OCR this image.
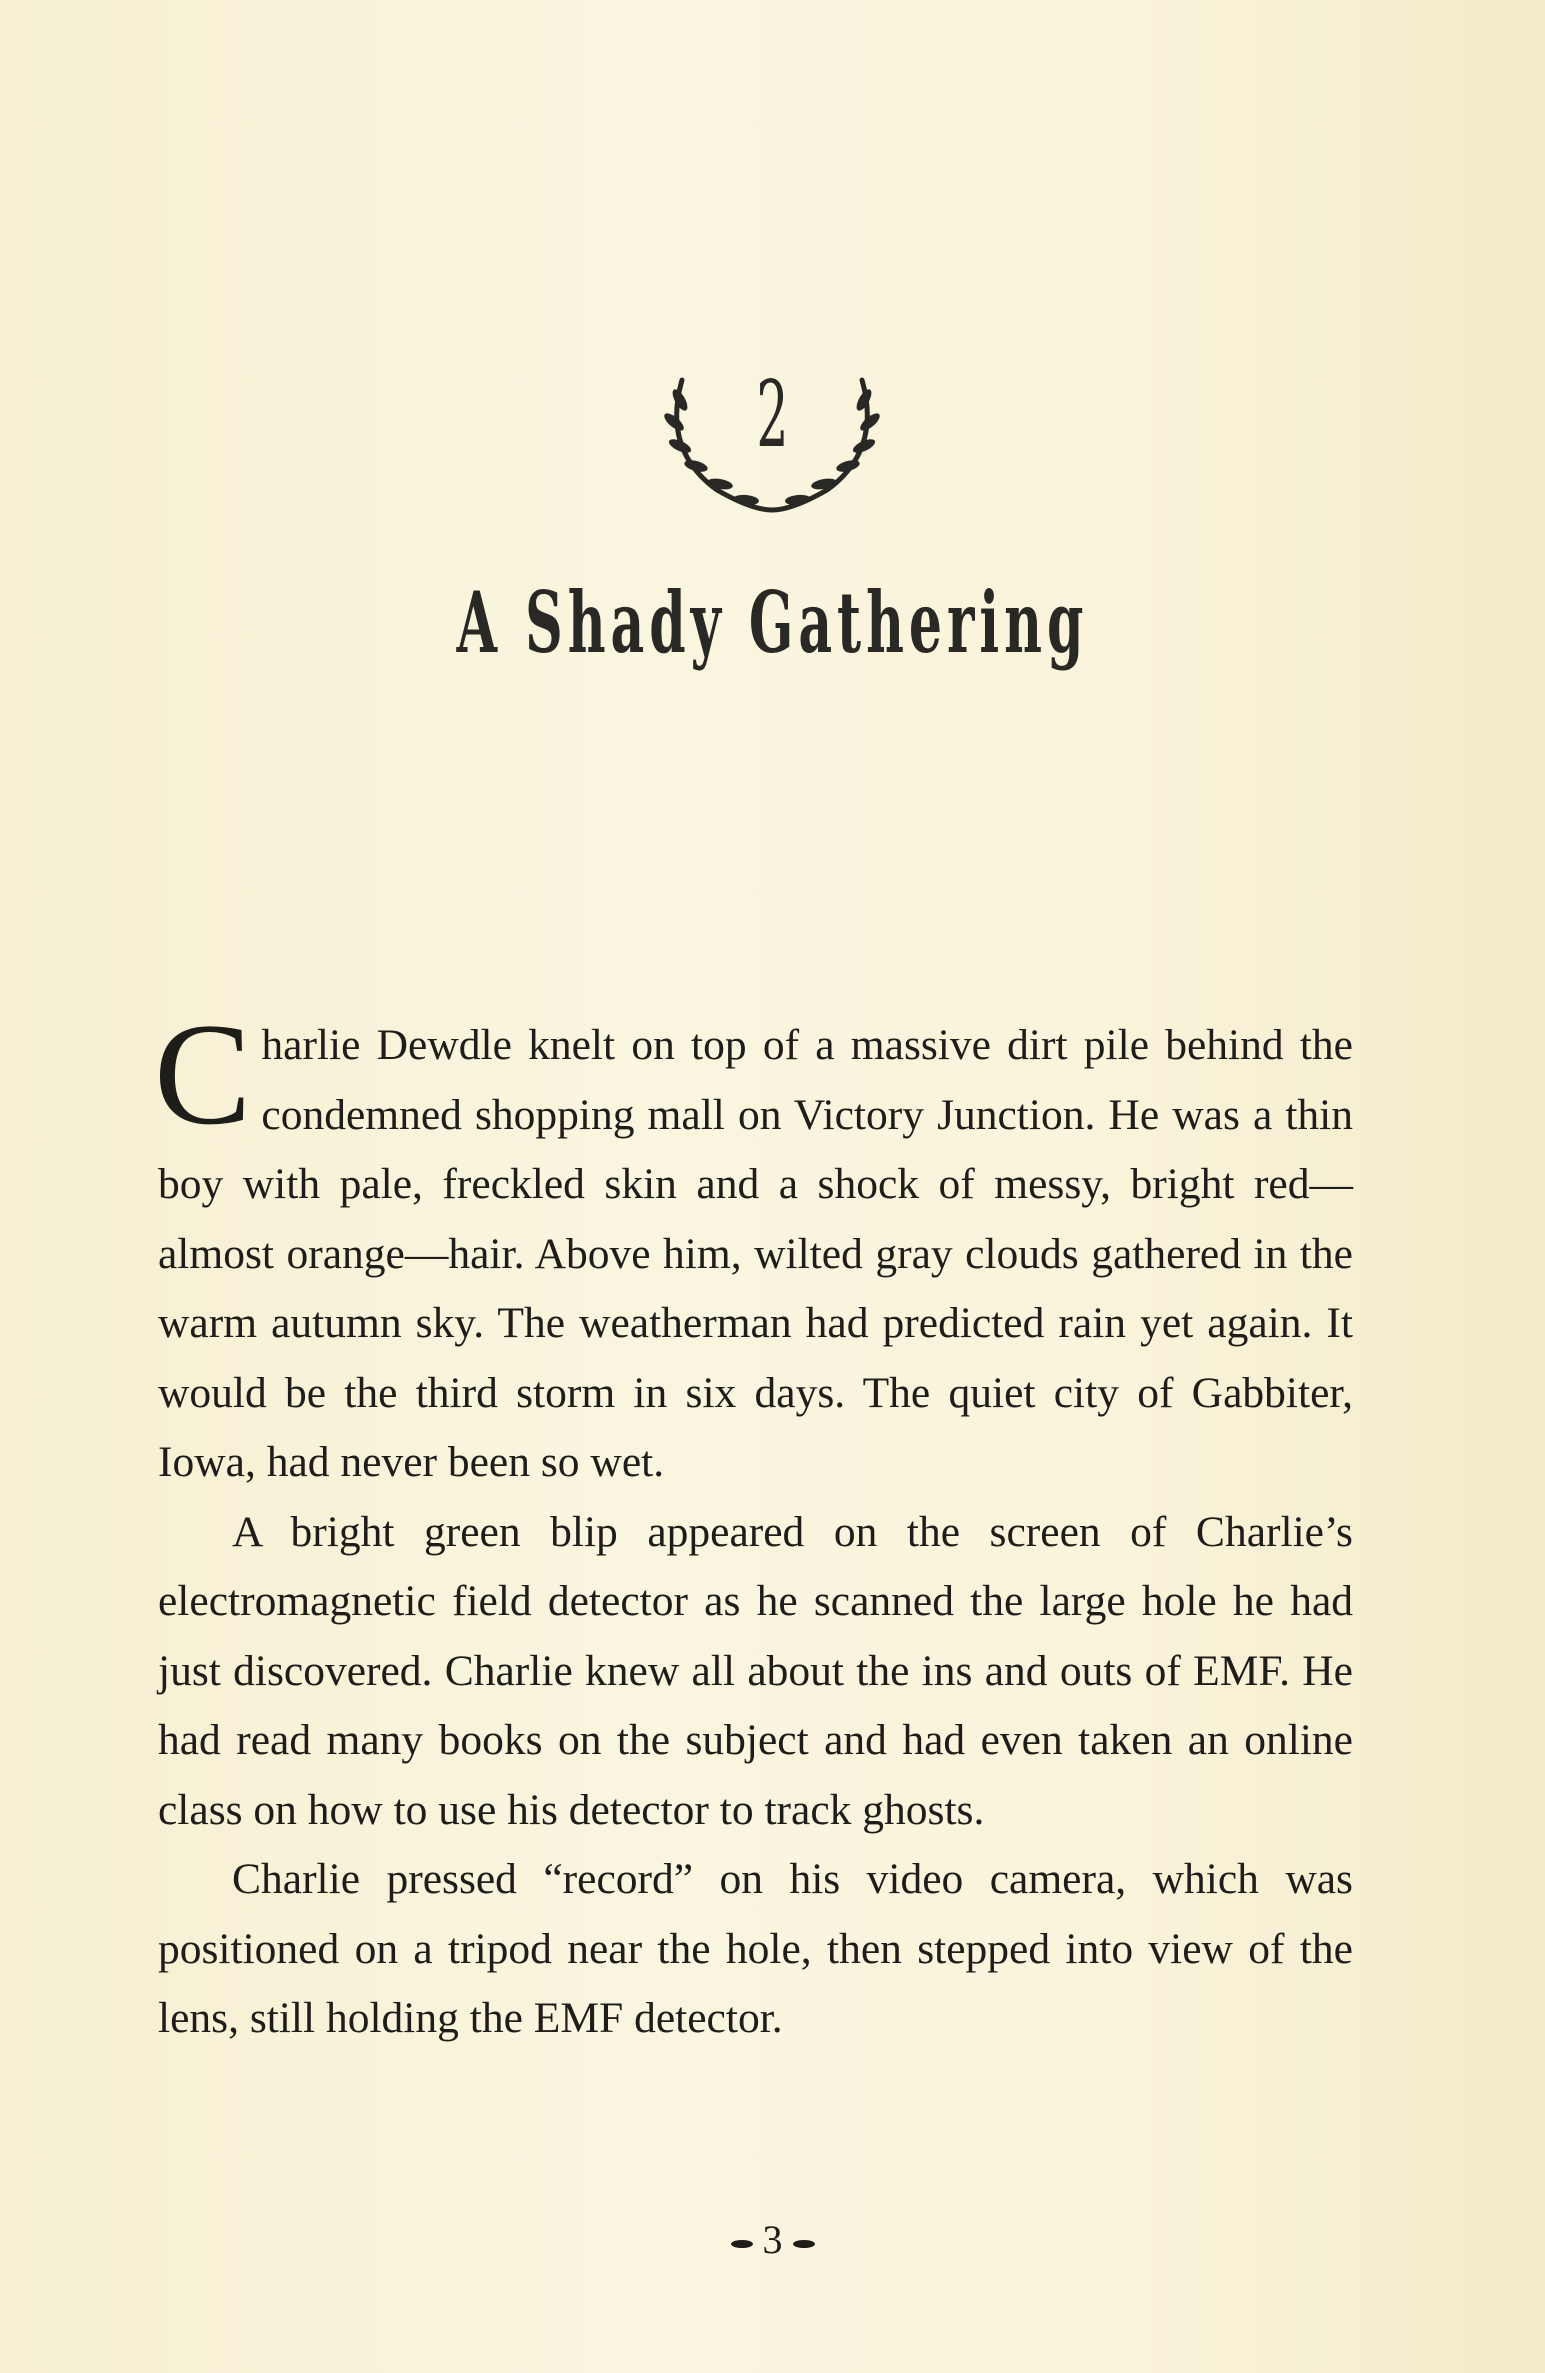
2
A Shady Gathering

Charlie Dewdle knelt on top of a massive dirt pile behind the condemned shopping mall on Victory Junction. He was a thin boy with pale, freckled skin and a shock of messy, bright red—almost orange—hair. Above him, wilted gray clouds gathered in the warm autumn sky. The weatherman had predicted rain yet again. It would be the third storm in six days. The quiet city of Gabbiter, Iowa, had never been so wet.

A bright green blip appeared on the screen of Charlie’s electromagnetic field detector as he scanned the large hole he had just discovered. Charlie knew all about the ins and outs of EMF. He had read many books on the subject and had even taken an online class on how to use his detector to track ghosts.

Charlie pressed “record” on his video camera, which was positioned on a tripod near the hole, then stepped into view of the lens, still holding the EMF detector.

3
